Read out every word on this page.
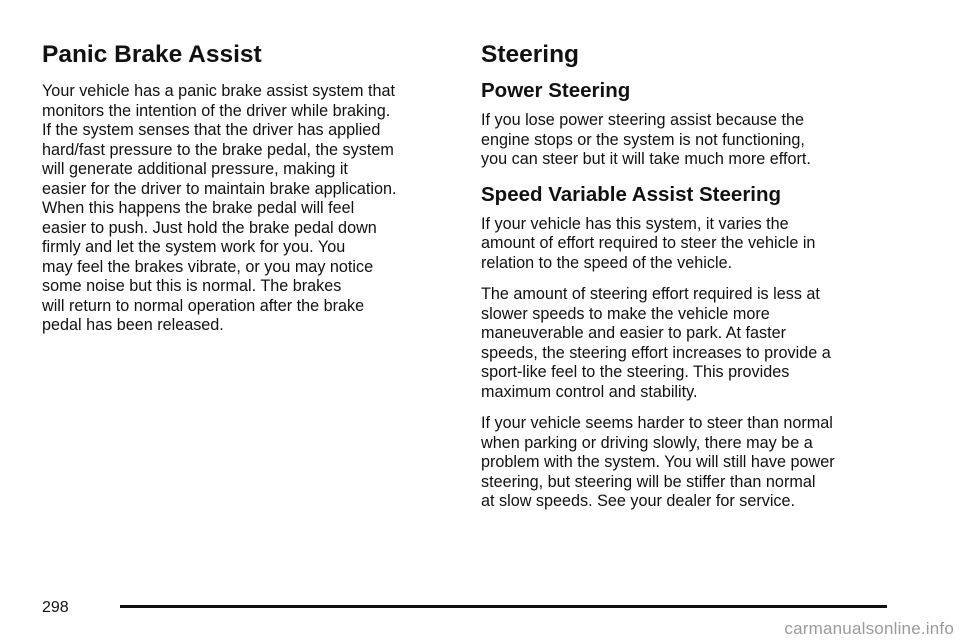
Panic Brake Assist

Your vehicle has a panic brake assist system that
monitors the intention of the driver while braking.
If the system senses that the driver has applied
hard/fast pressure to the brake pedal, the system
will generate additional pressure, making it
easier for the driver to maintain brake application.
When this happens the brake pedal will feel
easier to push. Just hold the brake pedal down
firmly and let the system work for you. You
may feel the brakes vibrate, or you may notice
some noise but this is normal. The brakes
will return to normal operation after the brake
pedal has been released.

Steering
Power Steering

If you lose power steering assist because the
engine stops or the system is not functioning,
you can steer but it will take much more effort.

Speed Variable Assist Steering

If your vehicle has this system, it varies the
amount of effort required to steer the vehicle in
relation to the speed of the vehicle.

The amount of steering effort required is less at
slower speeds to make the vehicle more
maneuverable and easier to park. At faster
speeds, the steering effort increases to provide a
sport-like feel to the steering. This provides
maximum control and stability.

If your vehicle seems harder to steer than normal
when parking or driving slowly, there may be a
problem with the system. You will still have power
steering, but steering will be stiffer than normal
at slow speeds. See your dealer for service.

298
carmanualsonline.info
